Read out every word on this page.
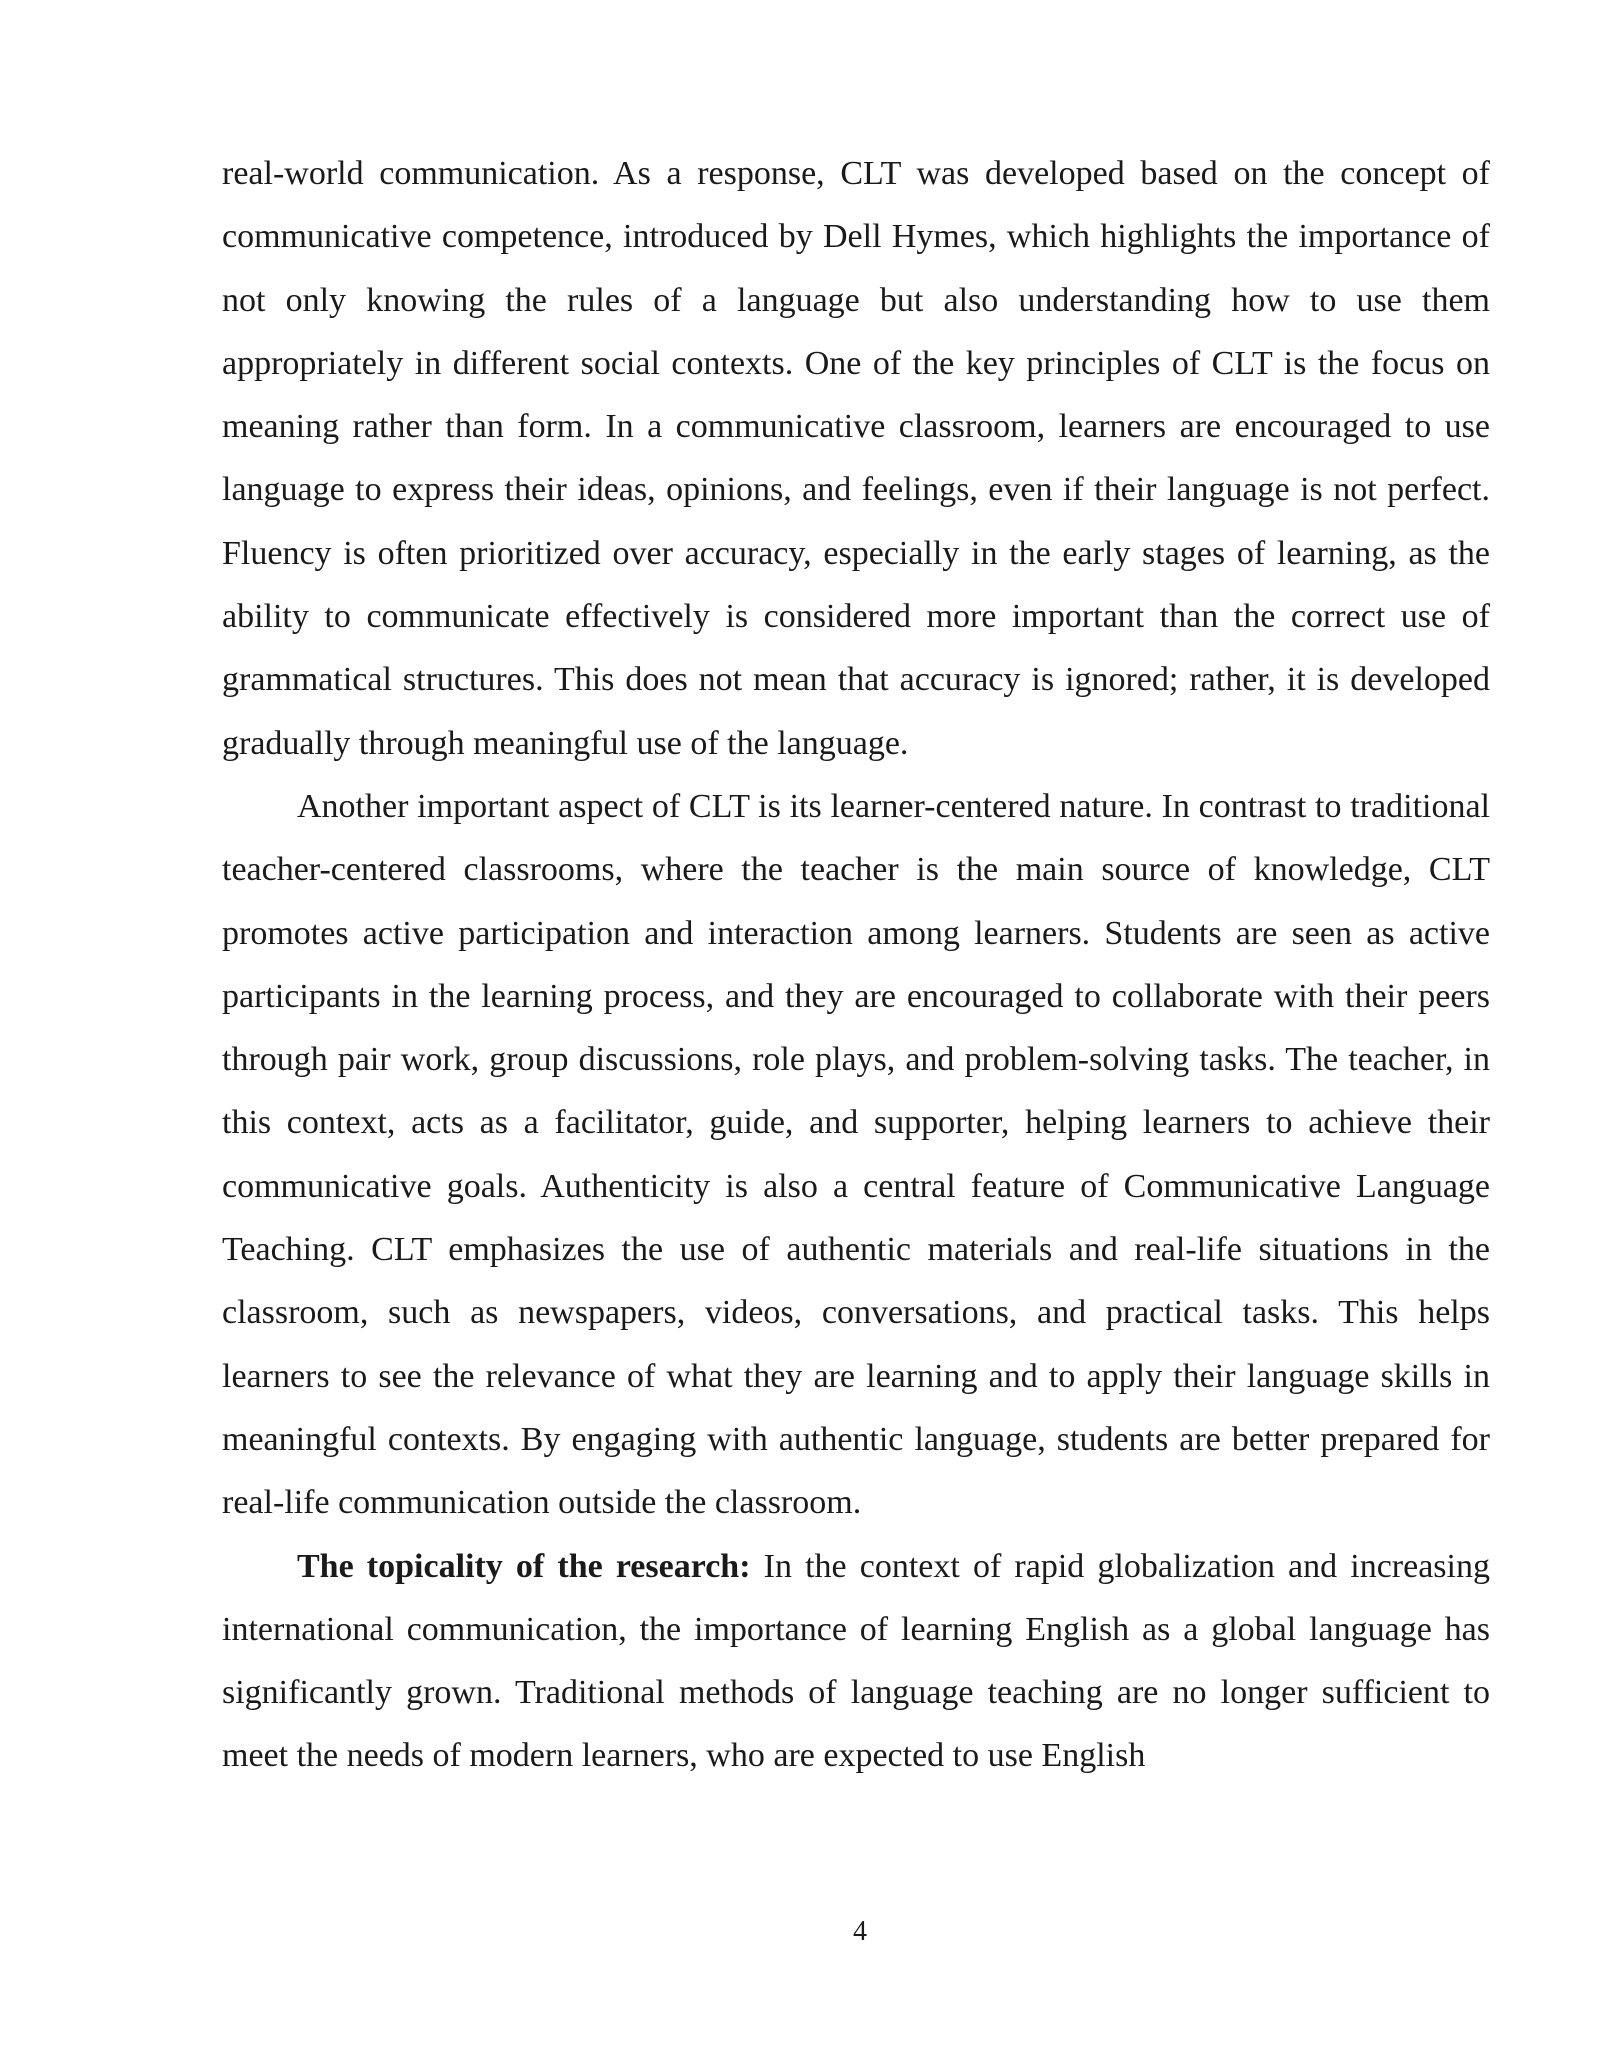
real-world communication. As a response, CLT was developed based on the concept of communicative competence, introduced by Dell Hymes, which highlights the importance of not only knowing the rules of a language but also understanding how to use them appropriately in different social contexts. One of the key principles of CLT is the focus on meaning rather than form. In a communicative classroom, learners are encouraged to use language to express their ideas, opinions, and feelings, even if their language is not perfect. Fluency is often prioritized over accuracy, especially in the early stages of learning, as the ability to communicate effectively is considered more important than the correct use of grammatical structures. This does not mean that accuracy is ignored; rather, it is developed gradually through meaningful use of the language.

Another important aspect of CLT is its learner-centered nature. In contrast to traditional teacher-centered classrooms, where the teacher is the main source of knowledge, CLT promotes active participation and interaction among learners. Students are seen as active participants in the learning process, and they are encouraged to collaborate with their peers through pair work, group discussions, role plays, and problem-solving tasks. The teacher, in this context, acts as a facilitator, guide, and supporter, helping learners to achieve their communicative goals. Authenticity is also a central feature of Communicative Language Teaching. CLT emphasizes the use of authentic materials and real-life situations in the classroom, such as newspapers, videos, conversations, and practical tasks. This helps learners to see the relevance of what they are learning and to apply their language skills in meaningful contexts. By engaging with authentic language, students are better prepared for real-life communication outside the classroom.

The topicality of the research: In the context of rapid globalization and increasing international communication, the importance of learning English as a global language has significantly grown. Traditional methods of language teaching are no longer sufficient to meet the needs of modern learners, who are expected to use English

4
